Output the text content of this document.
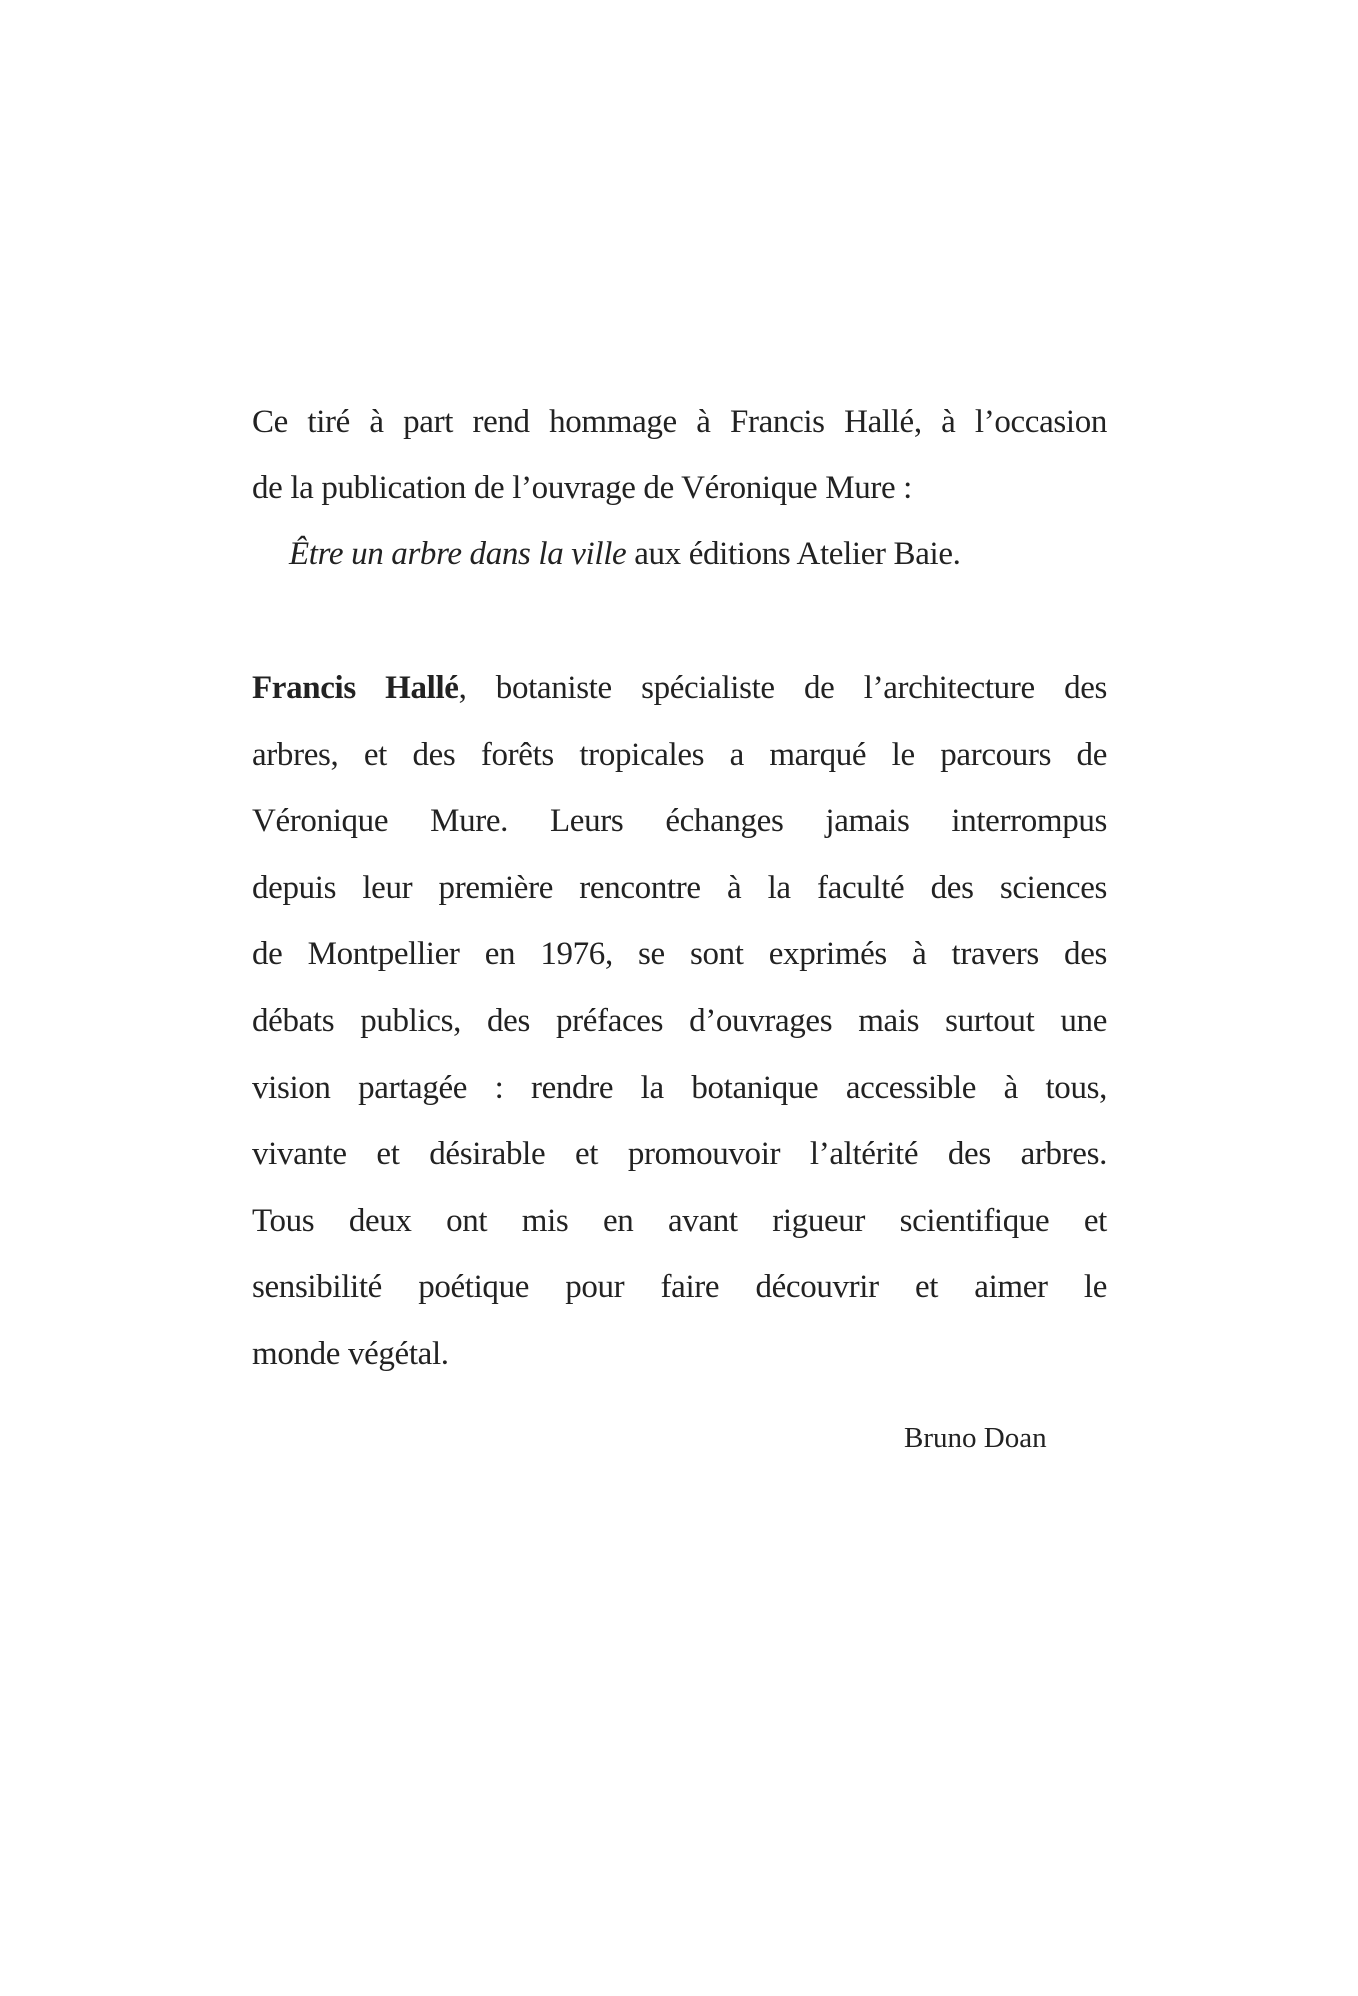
Ce tiré à part rend hommage à Francis Hallé, à l’occasion
de la publication de l’ouvrage de Véronique Mure :
Être un arbre dans la ville aux éditions Atelier Baie.
Francis Hallé, botaniste spécialiste de l’architecture des
arbres, et des forêts tropicales a marqué le parcours de
Véronique Mure. Leurs échanges jamais interrompus
depuis leur première rencontre à la faculté des sciences
de Montpellier en 1976, se sont exprimés à travers des
débats publics, des préfaces d’ouvrages mais surtout une
vision partagée : rendre la botanique accessible à tous,
vivante et désirable et promouvoir l’altérité des arbres.
Tous deux ont mis en avant rigueur scientifique et
sensibilité poétique pour faire découvrir et aimer le
monde végétal.
Bruno Doan
